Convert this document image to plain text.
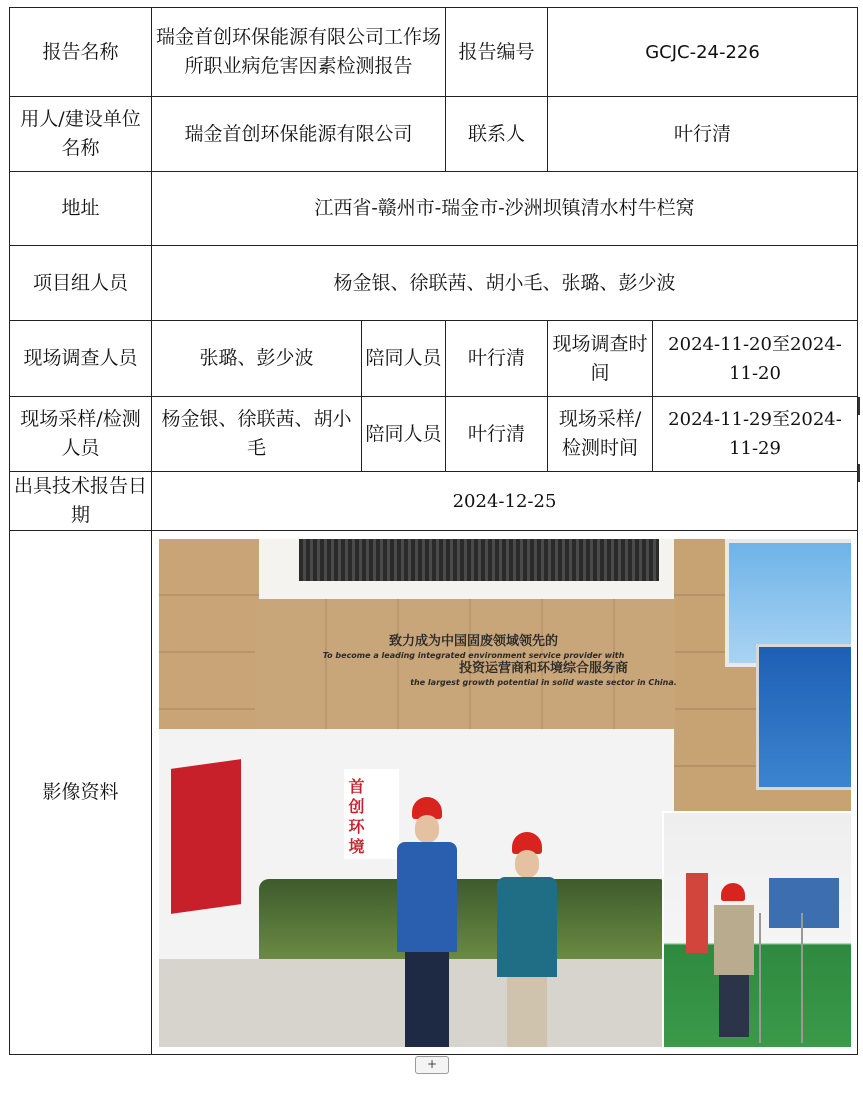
报告名称	瑞金首创环保能源有限公司工作场所职业病危害因素检测报告		报告编号	GCJC-24-226	
用人/建设单位名称	瑞金首创环保能源有限公司		联系人	叶行清	
地址	江西省-赣州市-瑞金市-沙洲坝镇清水村牛栏窝				
项目组人员	杨金银、徐联茜、胡小毛、张璐、彭少波				
现场调查人员	张璐、彭少波	陪同人员	叶行清	现场调查时间	2024-11-20至2024-11-20
现场采样/检测人员	杨金银、徐联茜、胡小毛	陪同人员	叶行清	现场采样/检测时间	2024-11-29至2024-11-29
出具技术报告日期	2024-12-25				
影像资料	致力成为中国固废领域领先的
To become a leading integrated environment service provider with
投资运营商和环境综合服务商
the largest growth potential in solid waste sector in China.
首创环境				
+
